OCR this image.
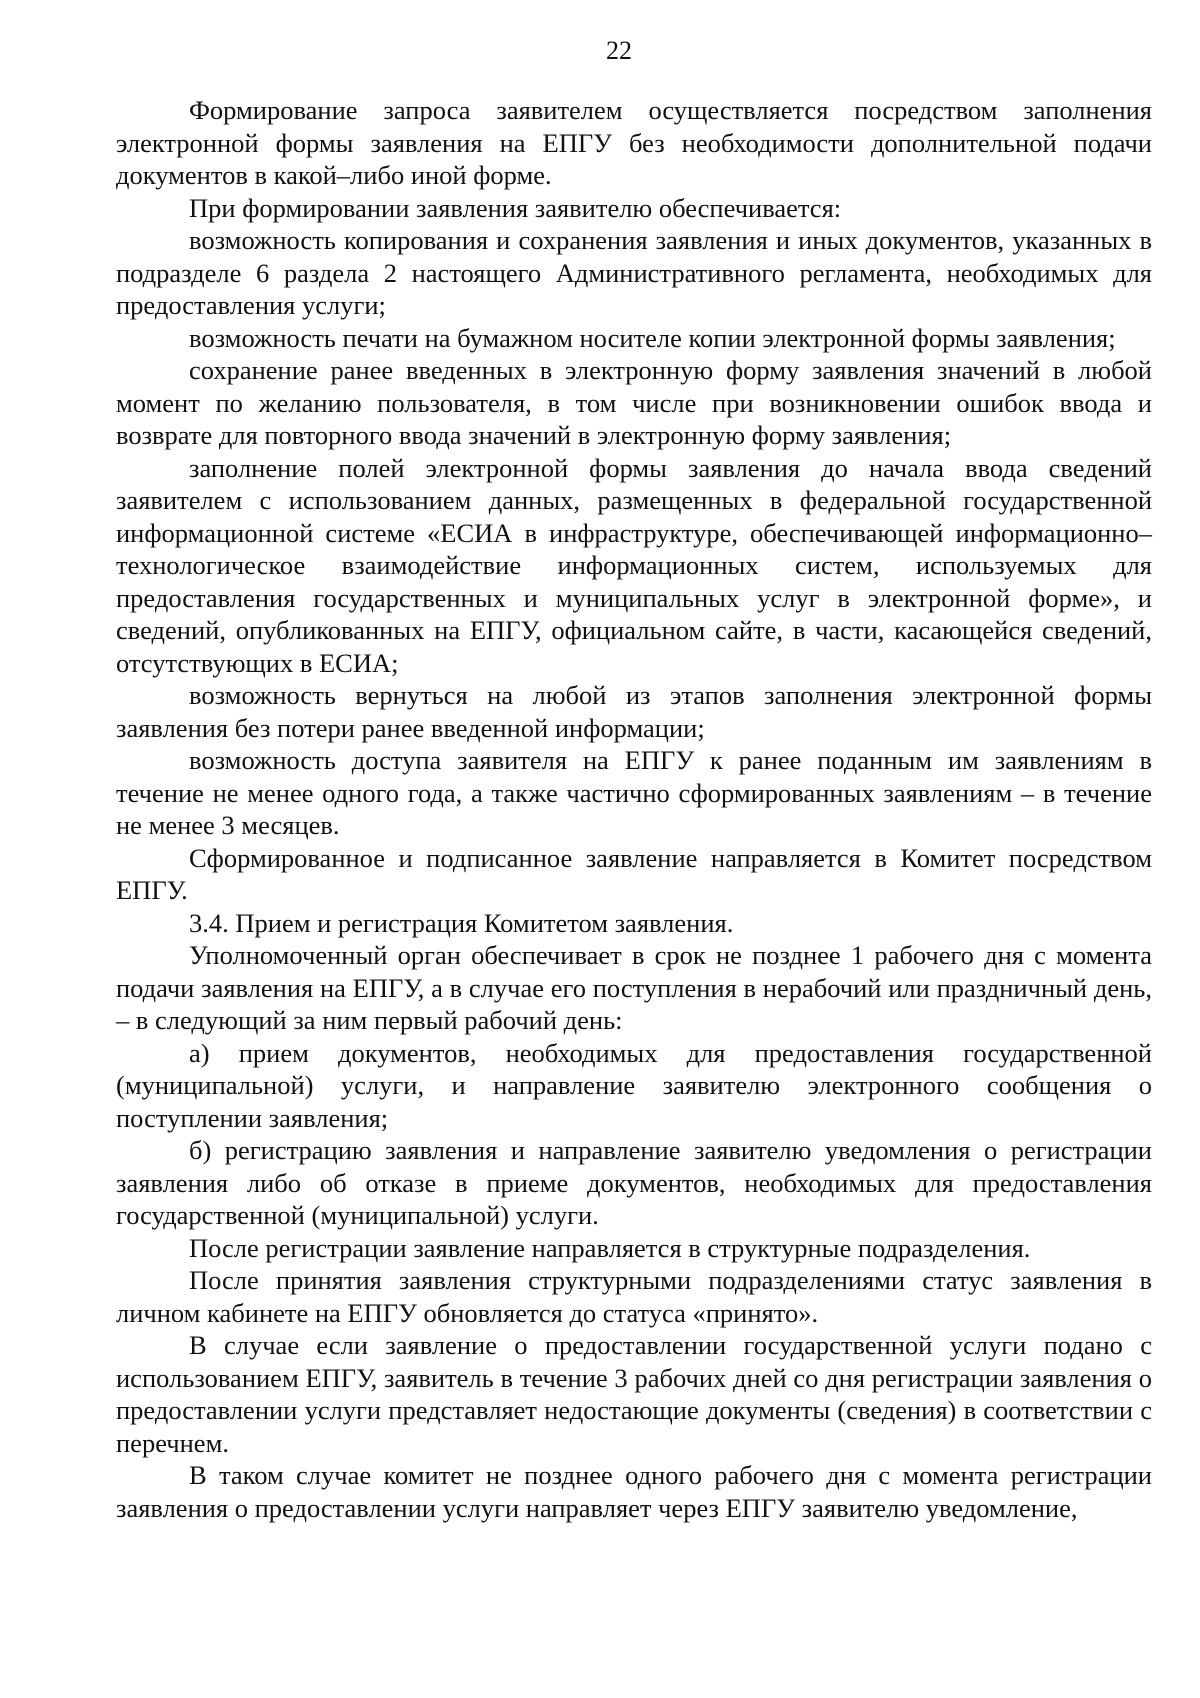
22

Формирование запроса заявителем осуществляется посредством заполнения электронной формы заявления на ЕПГУ без необходимости дополнительной подачи документов в какой–либо иной форме.

При формировании заявления заявителю обеспечивается:

возможность копирования и сохранения заявления и иных документов, указанных в подразделе 6 раздела 2 настоящего Административного регламента, необходимых для предоставления услуги;

возможность печати на бумажном носителе копии электронной формы заявления;

сохранение ранее введенных в электронную форму заявления значений в любой момент по желанию пользователя, в том числе при возникновении ошибок ввода и возврате для повторного ввода значений в электронную форму заявления;

заполнение полей электронной формы заявления до начала ввода сведений заявителем с использованием данных, размещенных в федеральной государственной информационной системе «ЕСИА в инфраструктуре, обеспечивающей информационно–технологическое взаимодействие информационных систем, используемых для предоставления государственных и муниципальных услуг в электронной форме», и сведений, опубликованных на ЕПГУ, официальном сайте, в части, касающейся сведений, отсутствующих в ЕСИА;

возможность вернуться на любой из этапов заполнения электронной формы заявления без потери ранее введенной информации;

возможность доступа заявителя на ЕПГУ к ранее поданным им заявлениям в течение не менее одного года, а также частично сформированных заявлениям – в течение не менее 3 месяцев.

Сформированное и подписанное заявление направляется в Комитет посредством ЕПГУ.

3.4. Прием и регистрация Комитетом заявления.

Уполномоченный орган обеспечивает в срок не позднее 1 рабочего дня с момента подачи заявления на ЕПГУ, а в случае его поступления в нерабочий или праздничный день, – в следующий за ним первый рабочий день:

а) прием документов, необходимых для предоставления государственной (муниципальной) услуги, и направление заявителю электронного сообщения о поступлении заявления;

б) регистрацию заявления и направление заявителю уведомления о регистрации заявления либо об отказе в приеме документов, необходимых для предоставления государственной (муниципальной) услуги.

После регистрации заявление направляется в структурные подразделения.

После принятия заявления структурными подразделениями статус заявления в личном кабинете на ЕПГУ обновляется до статуса «принято».

В случае если заявление о предоставлении государственной услуги подано с использованием ЕПГУ, заявитель в течение 3 рабочих дней со дня регистрации заявления о предоставлении услуги представляет недостающие документы (сведения) в соответствии с перечнем.

В таком случае комитет не позднее одного рабочего дня с момента регистрации заявления о предоставлении услуги направляет через ЕПГУ заявителю уведомление,
